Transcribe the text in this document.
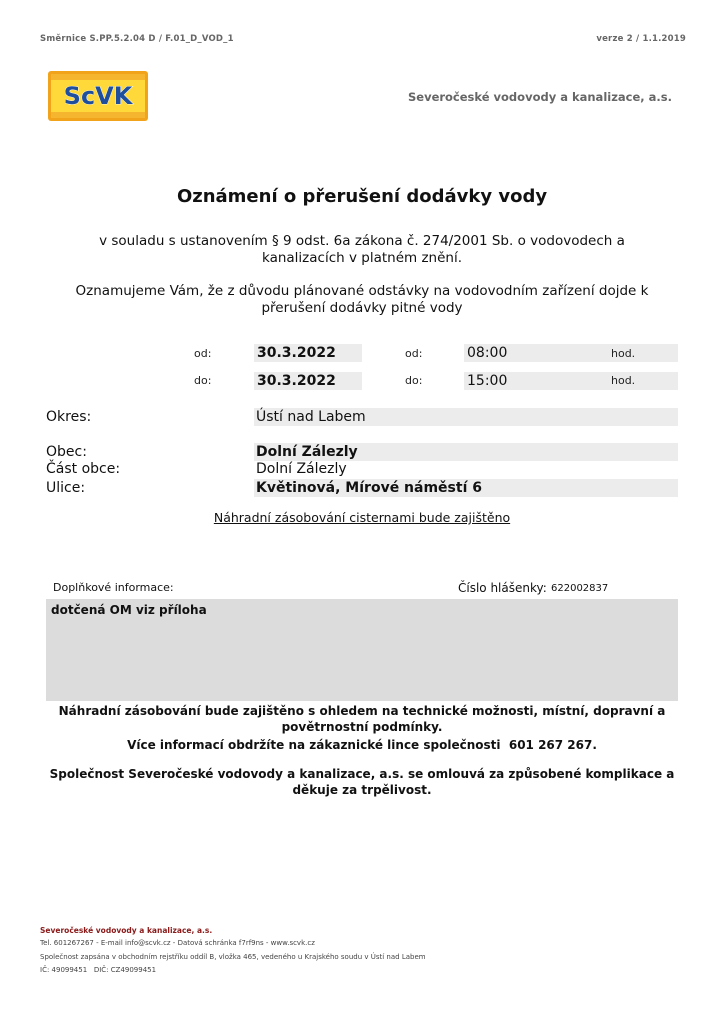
Směrnice S.PP.5.2.04 D / F.01_D_VOD_1	verze 2 / 1.1.2019
ScVK	Severočeské vodovody a kanalizace, a.s.
Oznámení o přerušení dodávky vody
v souladu s ustanovením § 9 odst. 6a zákona č. 274/2001 Sb. o vodovodech a kanalizacích v platném znění.
Oznamujeme Vám, že z důvodu plánované odstávky na vodovodním zařízení dojde k přerušení dodávky pitné vody
od:	30.3.2022	od:	08:00	hod.
do:	30.3.2022	do:	15:00	hod.
Okres:	Ústí nad Labem
Obec:	Dolní Zálezly
Část obce:	Dolní Zálezly
Ulice:	Květinová, Mírové náměstí 6
Náhradní zásobování cisternami bude zajištěno
Doplňkové informace:	Číslo hlášenky: 622002837
dotčená OM viz příloha
Náhradní zásobování bude zajištěno s ohledem na technické možnosti, místní, dopravní a povětrnostní podmínky.
Více informací obdržíte na zákaznické lince společnosti  601 267 267.
Společnost Severočeské vodovody a kanalizace, a.s. se omlouvá za způsobené komplikace a děkuje za trpělivost.
Severočeské vodovody a kanalizace, a.s.
Tel. 601267267 - E-mail info@scvk.cz - Datová schránka f7rf9ns - www.scvk.cz
Společnost zapsána v obchodním rejstříku oddíl B, vložka 465, vedeného u Krajského soudu v Ústí nad Labem
IČ: 49099451   DIČ: CZ49099451
